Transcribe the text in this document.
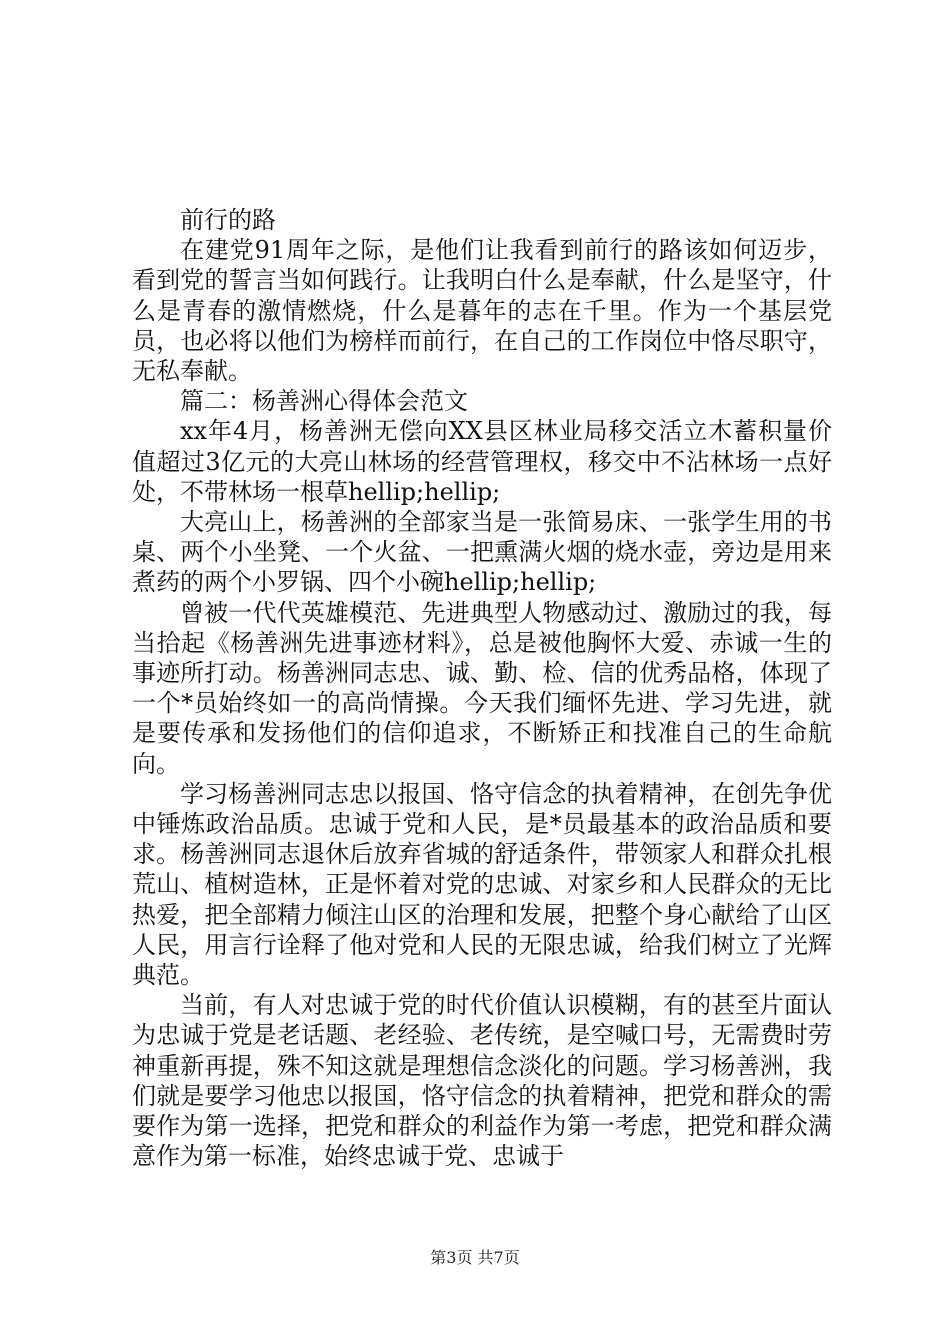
前行的路

在建党91周年之际，是他们让我看到前行的路该如何迈步，看到党的誓言当如何践行。让我明白什么是奉献，什么是坚守，什么是青春的激情燃烧，什么是暮年的志在千里。作为一个基层党员，也必将以他们为榜样而前行，在自己的工作岗位中恪尽职守，无私奉献。

篇二：杨善洲心得体会范文

xx年4月，杨善洲无偿向XX县区林业局移交活立木蓄积量价值超过3亿元的大亮山林场的经营管理权，移交中不沾林场一点好处，不带林场一根草hellip;hellip;

大亮山上，杨善洲的全部家当是一张简易床、一张学生用的书桌、两个小坐凳、一个火盆、一把熏满火烟的烧水壶，旁边是用来煮药的两个小罗锅、四个小碗hellip;hellip;

曾被一代代英雄模范、先进典型人物感动过、激励过的我，每当拾起《杨善洲先进事迹材料》，总是被他胸怀大爱、赤诚一生的事迹所打动。杨善洲同志忠、诚、勤、检、信的优秀品格，体现了一个*员始终如一的高尚情操。今天我们缅怀先进、学习先进，就是要传承和发扬他们的信仰追求，不断矫正和找准自己的生命航向。

学习杨善洲同志忠以报国、恪守信念的执着精神，在创先争优中锤炼政治品质。忠诚于党和人民，是*员最基本的政治品质和要求。杨善洲同志退休后放弃省城的舒适条件，带领家人和群众扎根荒山、植树造林，正是怀着对党的忠诚、对家乡和人民群众的无比热爱，把全部精力倾注山区的治理和发展，把整个身心献给了山区人民，用言行诠释了他对党和人民的无限忠诚，给我们树立了光辉典范。

当前，有人对忠诚于党的时代价值认识模糊，有的甚至片面认为忠诚于党是老话题、老经验、老传统，是空喊口号，无需费时劳神重新再提，殊不知这就是理想信念淡化的问题。学习杨善洲，我们就是要学习他忠以报国，恪守信念的执着精神，把党和群众的需要作为第一选择，把党和群众的利益作为第一考虑，把党和群众满意作为第一标准，始终忠诚于党、忠诚于

第3页 共7页
